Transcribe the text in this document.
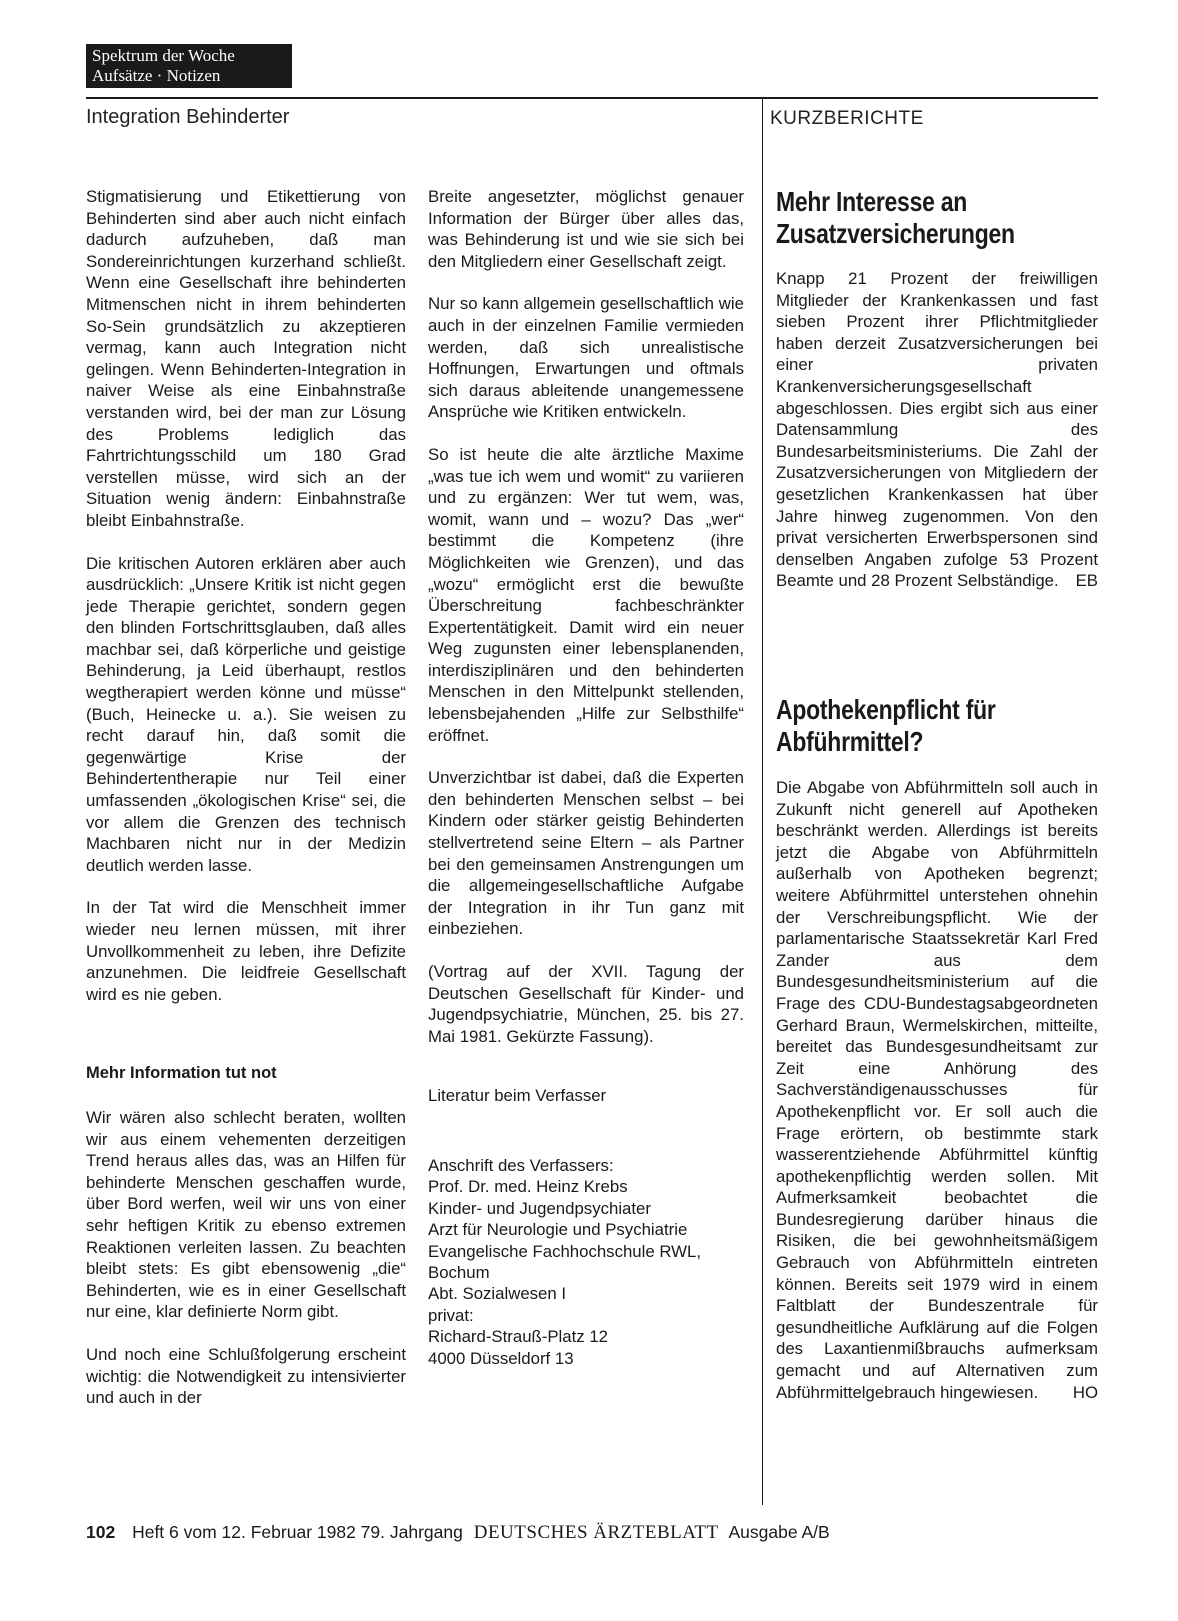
Spektrum der Woche
Aufsätze · Notizen
Integration Behinderter	KURZBERICHTE

Stigmatisierung und Etikettierung von Behinderten sind aber auch nicht einfach dadurch aufzuheben, daß man Sondereinrichtungen kurzerhand schließt. Wenn eine Gesellschaft ihre behinderten Mitmenschen nicht in ihrem behinderten So-Sein grundsätzlich zu akzeptieren vermag, kann auch Integration nicht gelingen. Wenn Behinderten-Integration in naiver Weise als eine Einbahnstraße verstanden wird, bei der man zur Lösung des Problems lediglich das Fahrtrichtungsschild um 180 Grad verstellen müsse, wird sich an der Situation wenig ändern: Einbahnstraße bleibt Einbahnstraße.

Die kritischen Autoren erklären aber auch ausdrücklich: „Unsere Kritik ist nicht gegen jede Therapie gerichtet, sondern gegen den blinden Fortschrittsglauben, daß alles machbar sei, daß körperliche und geistige Behinderung, ja Leid überhaupt, restlos wegtherapiert werden könne und müsse“ (Buch, Heinecke u. a.). Sie weisen zu recht darauf hin, daß somit die gegenwärtige Krise der Behindertentherapie nur Teil einer umfassenden „ökologischen Krise“ sei, die vor allem die Grenzen des technisch Machbaren nicht nur in der Medizin deutlich werden lasse.

In der Tat wird die Menschheit immer wieder neu lernen müssen, mit ihrer Unvollkommenheit zu leben, ihre Defizite anzunehmen. Die leidfreie Gesellschaft wird es nie geben.

Mehr Information tut not

Wir wären also schlecht beraten, wollten wir aus einem vehementen derzeitigen Trend heraus alles das, was an Hilfen für behinderte Menschen geschaffen wurde, über Bord werfen, weil wir uns von einer sehr heftigen Kritik zu ebenso extremen Reaktionen verleiten lassen. Zu beachten bleibt stets: Es gibt ebensowenig „die“ Behinderten, wie es in einer Gesellschaft nur eine, klar definierte Norm gibt.

Und noch eine Schlußfolgerung erscheint wichtig: die Notwendigkeit zu intensivierter und auch in der

Breite angesetzter, möglichst genauer Information der Bürger über alles das, was Behinderung ist und wie sie sich bei den Mitgliedern einer Gesellschaft zeigt.

Nur so kann allgemein gesellschaftlich wie auch in der einzelnen Familie vermieden werden, daß sich unrealistische Hoffnungen, Erwartungen und oftmals sich daraus ableitende unangemessene Ansprüche wie Kritiken entwickeln.

So ist heute die alte ärztliche Maxime „was tue ich wem und womit“ zu variieren und zu ergänzen: Wer tut wem, was, womit, wann und – wozu? Das „wer“ bestimmt die Kompetenz (ihre Möglichkeiten wie Grenzen), und das „wozu“ ermöglicht erst die bewußte Überschreitung fachbeschränkter Expertentätigkeit. Damit wird ein neuer Weg zugunsten einer lebensplanenden, interdisziplinären und den behinderten Menschen in den Mittelpunkt stellenden, lebensbejahenden „Hilfe zur Selbsthilfe“ eröffnet.

Unverzichtbar ist dabei, daß die Experten den behinderten Menschen selbst – bei Kindern oder stärker geistig Behinderten stellvertretend seine Eltern – als Partner bei den gemeinsamen Anstrengungen um die allgemeingesellschaftliche Aufgabe der Integration in ihr Tun ganz mit einbeziehen.

(Vortrag auf der XVII. Tagung der Deutschen Gesellschaft für Kinder- und Jugendpsychiatrie, München, 25. bis 27. Mai 1981. Gekürzte Fassung).

Literatur beim Verfasser

Anschrift des Verfassers:
Prof. Dr. med. Heinz Krebs
Kinder- und Jugendpsychiater
Arzt für Neurologie und Psychiatrie
Evangelische Fachhochschule RWL,
Bochum
Abt. Sozialwesen I
privat:
Richard-Strauß-Platz 12
4000 Düsseldorf 13
Mehr Interesse an Zusatzversicherungen

Knapp 21 Prozent der freiwilligen Mitglieder der Krankenkassen und fast sieben Prozent ihrer Pflichtmitglieder haben derzeit Zusatzversicherungen bei einer privaten Krankenversicherungsgesellschaft abgeschlossen. Dies ergibt sich aus einer Datensammlung des Bundesarbeitsministeriums. Die Zahl der Zusatzversicherungen von Mitgliedern der gesetzlichen Krankenkassen hat über Jahre hinweg zugenommen. Von den privat versicherten Erwerbspersonen sind denselben Angaben zufolge 53 Prozent Beamte und 28 Prozent Selbständige. EB

Apothekenpflicht für Abführmittel?

Die Abgabe von Abführmitteln soll auch in Zukunft nicht generell auf Apotheken beschränkt werden. Allerdings ist bereits jetzt die Abgabe von Abführmitteln außerhalb von Apotheken begrenzt; weitere Abführmittel unterstehen ohnehin der Verschreibungspflicht. Wie der parlamentarische Staatssekretär Karl Fred Zander aus dem Bundesgesundheitsministerium auf die Frage des CDU-Bundestagsabgeordneten Gerhard Braun, Wermelskirchen, mitteilte, bereitet das Bundesgesundheitsamt zur Zeit eine Anhörung des Sachverständigenausschusses für Apothekenpflicht vor. Er soll auch die Frage erörtern, ob bestimmte stark wasserentziehende Abführmittel künftig apothekenpflichtig werden sollen. Mit Aufmerksamkeit beobachtet die Bundesregierung darüber hinaus die Risiken, die bei gewohnheitsmäßigem Gebrauch von Abführmitteln eintreten können. Bereits seit 1979 wird in einem Faltblatt der Bundeszentrale für gesundheitliche Aufklärung auf die Folgen des Laxantienmißbrauchs aufmerksam gemacht und auf Alternativen zum Abführmittelgebrauch hingewiesen. HO

102 Heft 6 vom 12. Februar 1982 79. Jahrgang DEUTSCHES ÄRZTEBLATT Ausgabe A/B
